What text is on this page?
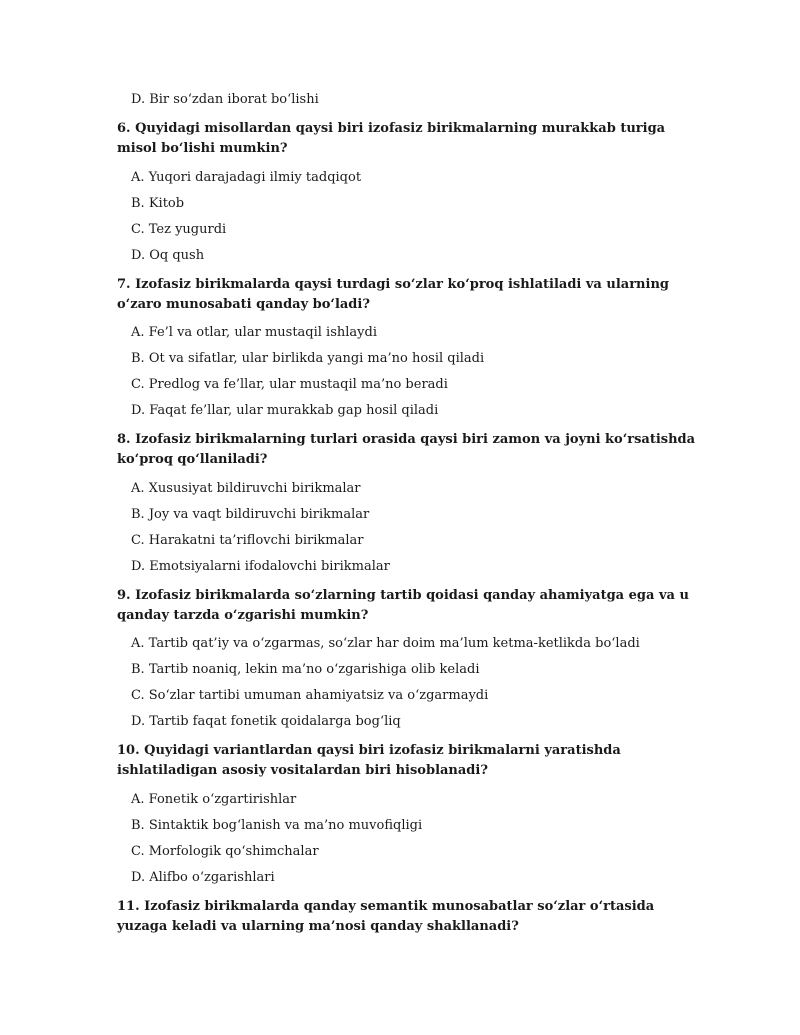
D. Bir so‘zdan iborat bo‘lishi
6. Quyidagi misollardan qaysi biri izofasiz birikmalarning murakkab turiga misol bo‘lishi mumkin?
A. Yuqori darajadagi ilmiy tadqiqot
B. Kitob
C. Tez yugurdi
D. Oq qush
7. Izofasiz birikmalarda qaysi turdagi so‘zlar ko‘proq ishlatiladi va ularning o‘zaro munosabati qanday bo‘ladi?
A. Fe’l va otlar, ular mustaqil ishlaydi
B. Ot va sifatlar, ular birlikda yangi ma’no hosil qiladi
C. Predlog va fe’llar, ular mustaqil ma’no beradi
D. Faqat fe’llar, ular murakkab gap hosil qiladi
8. Izofasiz birikmalarning turlari orasida qaysi biri zamon va joyni ko‘rsatishda ko‘proq qo‘llaniladi?
A. Xususiyat bildiruvchi birikmalar
B. Joy va vaqt bildiruvchi birikmalar
C. Harakatni ta’riflovchi birikmalar
D. Emotsiyalarni ifodalovchi birikmalar
9. Izofasiz birikmalarda so‘zlarning tartib qoidasi qanday ahamiyatga ega va u qanday tarzda o‘zgarishi mumkin?
A. Tartib qat’iy va o‘zgarmas, so‘zlar har doim ma’lum ketma-ketlikda bo‘ladi
B. Tartib noaniq, lekin ma’no o‘zgarishiga olib keladi
C. So‘zlar tartibi umuman ahamiyatsiz va o‘zgarmaydi
D. Tartib faqat fonetik qoidalarga bog‘liq
10. Quyidagi variantlardan qaysi biri izofasiz birikmalarni yaratishda ishlatiladigan asosiy vositalardan biri hisoblanadi?
A. Fonetik o‘zgartirishlar
B. Sintaktik bog‘lanish va ma’no muvofiqligi
C. Morfologik qo‘shimchalar
D. Alifbo o‘zgarishlari
11. Izofasiz birikmalarda qanday semantik munosabatlar so‘zlar o‘rtasida yuzaga keladi va ularning ma’nosi qanday shakllanadi?
